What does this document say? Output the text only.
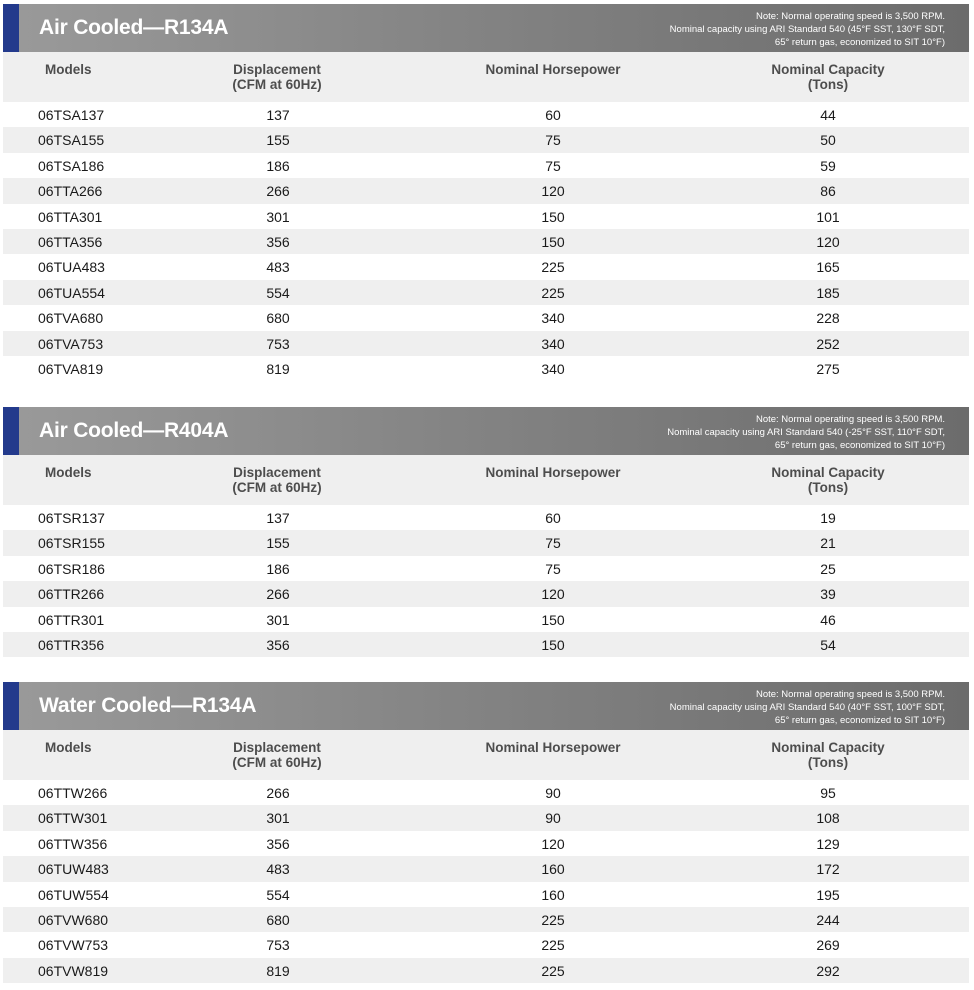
Air Cooled—R134A	Note: Normal operating speed is 3,500 RPM.
Nominal capacity using ARI Standard 540 (45°F SST, 130°F SDT,
65° return gas, economized to SIT 10°F)
Models	Displacement
(CFM at 60Hz)
Nominal Horsepower	Nominal Capacity
(Tons)
06TSA137	137	60	44
06TSA155	155	75	50
06TSA186	186	75	59
06TTA266	266	120	86
06TTA301	301	150	101
06TTA356	356	150	120
06TUA483	483	225	165
06TUA554	554	225	185
06TVA680	680	340	228
06TVA753	753	340	252
06TVA819	819	340	275
Air Cooled—R404A	Note: Normal operating speed is 3,500 RPM.
Nominal capacity using ARI Standard 540 (-25°F SST, 110°F SDT,
65° return gas, economized to SIT 10°F)
Models	Displacement
(CFM at 60Hz)
Nominal Horsepower	Nominal Capacity
(Tons)
06TSR137	137	60	19
06TSR155	155	75	21
06TSR186	186	75	25
06TTR266	266	120	39
06TTR301	301	150	46
06TTR356	356	150	54
Water Cooled—R134A	Note: Normal operating speed is 3,500 RPM.
Nominal capacity using ARI Standard 540 (40°F SST, 100°F SDT,
65° return gas, economized to SIT 10°F)
Models	Displacement
(CFM at 60Hz)
Nominal Horsepower	Nominal Capacity
(Tons)
06TTW266	266	90	95
06TTW301	301	90	108
06TTW356	356	120	129
06TUW483	483	160	172
06TUW554	554	160	195
06TVW680	680	225	244
06TVW753	753	225	269
06TVW819	819	225	292
